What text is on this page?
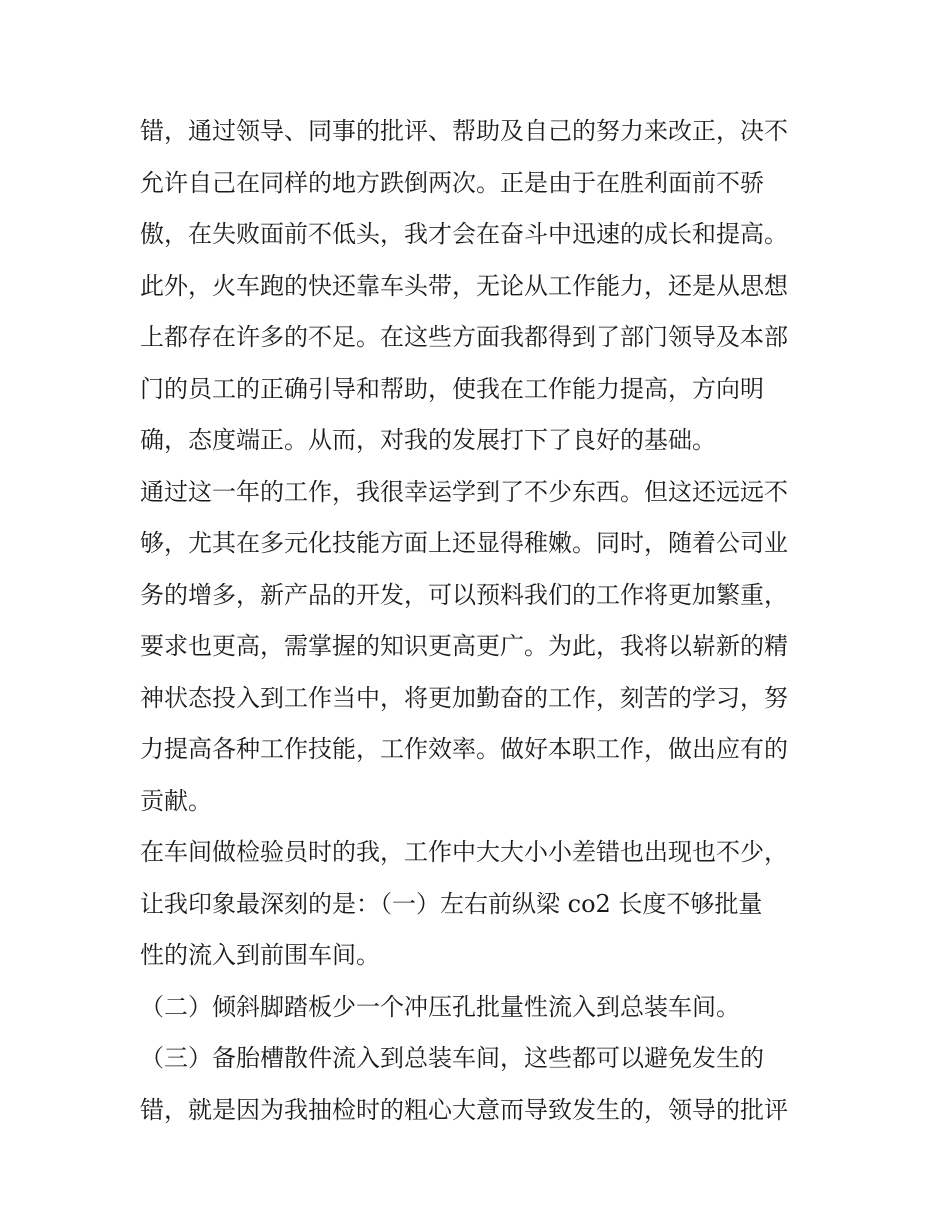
错，通过领导、同事的批评、帮助及自己的努力来改正，决不
允许自己在同样的地方跌倒两次。正是由于在胜利面前不骄
傲，在失败面前不低头，我才会在奋斗中迅速的成长和提高。
此外，火车跑的快还靠车头带，无论从工作能力，还是从思想
上都存在许多的不足。在这些方面我都得到了部门领导及本部
门的员工的正确引导和帮助，使我在工作能力提高，方向明
确，态度端正。从而，对我的发展打下了良好的基础。
通过这一年的工作，我很幸运学到了不少东西。但这还远远不
够，尤其在多元化技能方面上还显得稚嫩。同时，随着公司业
务的增多，新产品的开发，可以预料我们的工作将更加繁重，
要求也更高，需掌握的知识更高更广。为此，我将以崭新的精
神状态投入到工作当中，将更加勤奋的工作，刻苦的学习，努
力提高各种工作技能，工作效率。做好本职工作，做出应有的
贡献。
在车间做检验员时的我，工作中大大小小差错也出现也不少，
让我印象最深刻的是：（一）左右前纵梁 co2 长度不够批量
性的流入到前围车间。
（二）倾斜脚踏板少一个冲压孔批量性流入到总装车间。
（三）备胎槽散件流入到总装车间，这些都可以避免发生的
错，就是因为我抽检时的粗心大意而导致发生的，领导的批评
